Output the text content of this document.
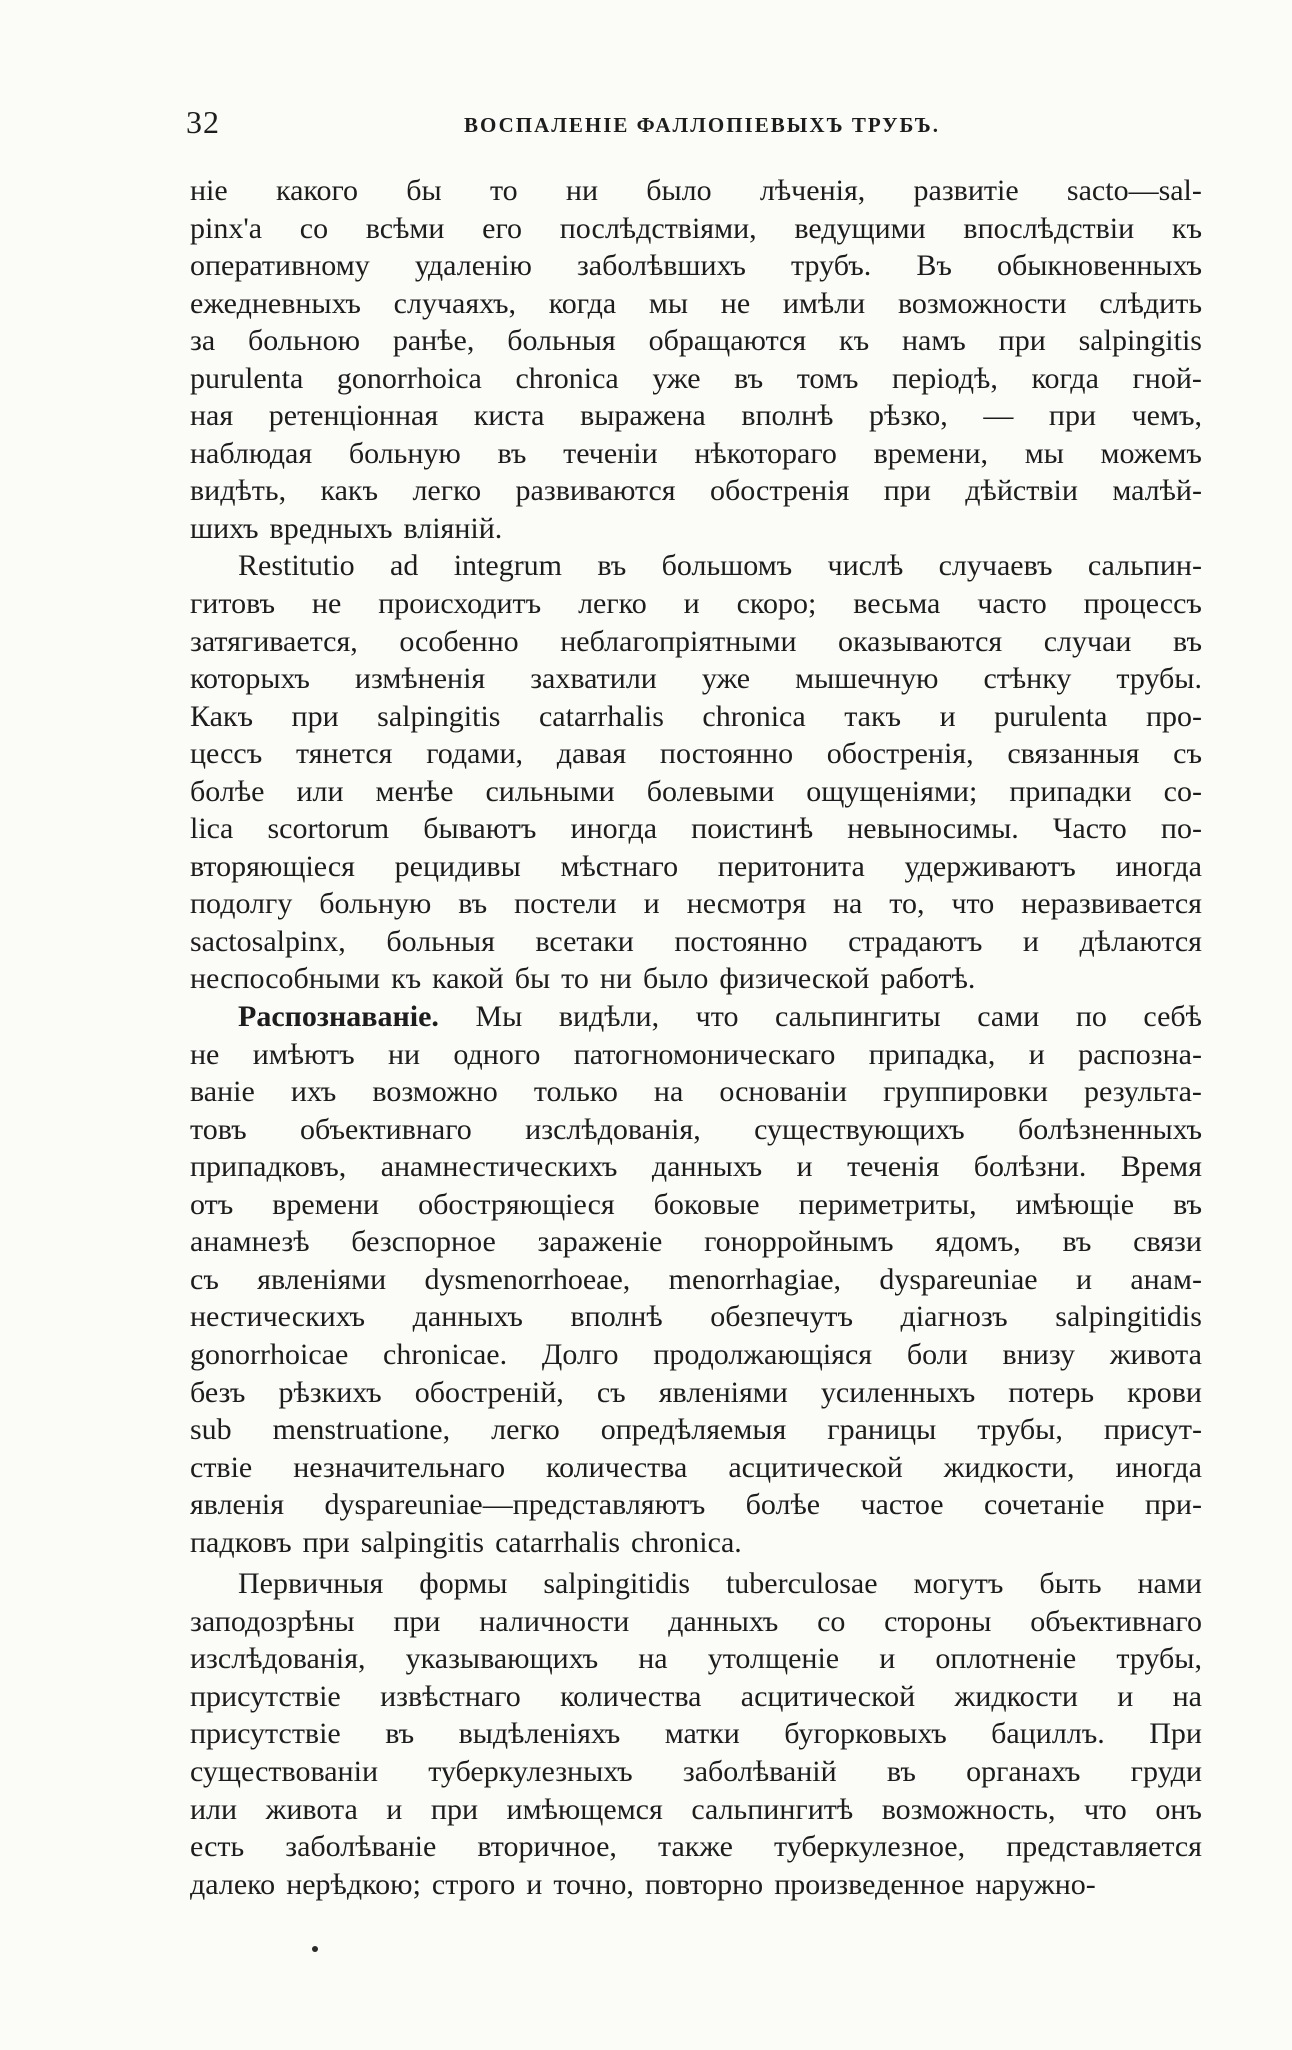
32	ВОСПАЛЕНІЕ ФАЛЛОПІЕВЫХЪ ТРУБЪ.
ніе какого бы то ни было лѣченія, развитіе sacto—sal-
pinx'а со всѣми его послѣдствіями, ведущими впослѣдствіи къ
оперативному удаленію заболѣвшихъ трубъ. Въ обыкновенныхъ
ежедневныхъ случаяхъ, когда мы не имѣли возможности слѣдить
за больною ранѣе, больныя обращаются къ намъ при salpingitis
purulenta gonorrhoica chronica уже въ томъ періодѣ, когда гной-
ная ретенціонная киста выражена вполнѣ рѣзко, — при чемъ,
наблюдая больную въ теченіи нѣкотораго времени, мы можемъ
видѣть, какъ легко развиваются обостренія при дѣйствіи малѣй-
шихъ вредныхъ вліяній.
Restitutio ad integrum въ большомъ числѣ случаевъ сальпин-
гитовъ не происходитъ легко и скоро; весьма часто процессъ
затягивается, особенно неблагопріятными оказываются случаи въ
которыхъ измѣненія захватили уже мышечную стѣнку трубы.
Какъ при salpingitis catarrhalis chronica такъ и purulenta про-
цессъ тянется годами, давая постоянно обостренія, связанныя съ
болѣе или менѣе сильными болевыми ощущеніями; припадки со-
lica scortorum бываютъ иногда поистинѣ невыносимы. Часто по-
вторяющіеся рецидивы мѣстнаго перитонита удерживаютъ иногда
подолгу больную въ постели и несмотря на то, что неразвивается
sactosalpinx, больныя всетаки постоянно страдаютъ и дѣлаются
неспособными къ какой бы то ни было физической работѣ.
Распознаваніе. Мы видѣли, что сальпингиты сами по себѣ
не имѣютъ ни одного патогномоническаго припадка, и распозна-
ваніе ихъ возможно только на основаніи группировки результа-
товъ объективнаго изслѣдованія, существующихъ болѣзненныхъ
припадковъ, анамнестическихъ данныхъ и теченія болѣзни. Время
отъ времени обостряющіеся боковые периметриты, имѣющіе въ
анамнезѣ безспорное зараженіе гонорройнымъ ядомъ, въ связи
съ явленіями dysmenorrhoeae, menorrhagiae, dyspareuniae и анам-
нестическихъ данныхъ вполнѣ обезпечутъ діагнозъ salpingitidis
gonorrhoicae chronicae. Долго продолжающіяся боли внизу живота
безъ рѣзкихъ обостреній, съ явленіями усиленныхъ потерь крови
sub menstruatione, легко опредѣляемыя границы трубы, присут-
ствіе незначительнаго количества асцитической жидкости, иногда
явленія dyspareuniae—представляютъ болѣе частое сочетаніе при-
падковъ при salpingitis catarrhalis chronica.
Первичныя формы salpingitidis tuberculosae могутъ быть нами
заподозрѣны при наличности данныхъ со стороны объективнаго
изслѣдованія, указывающихъ на утолщеніе и оплотненіе трубы,
присутствіе извѣстнаго количества асцитической жидкости и на
присутствіе въ выдѣленіяхъ матки бугорковыхъ бациллъ. При
существованіи туберкулезныхъ заболѣваній въ органахъ груди
или живота и при имѣющемся сальпингитѣ возможность, что онъ
есть заболѣваніе вторичное, также туберкулезное, представляется
далеко нерѣдкою; строго и точно, повторно произведенное наружно-
